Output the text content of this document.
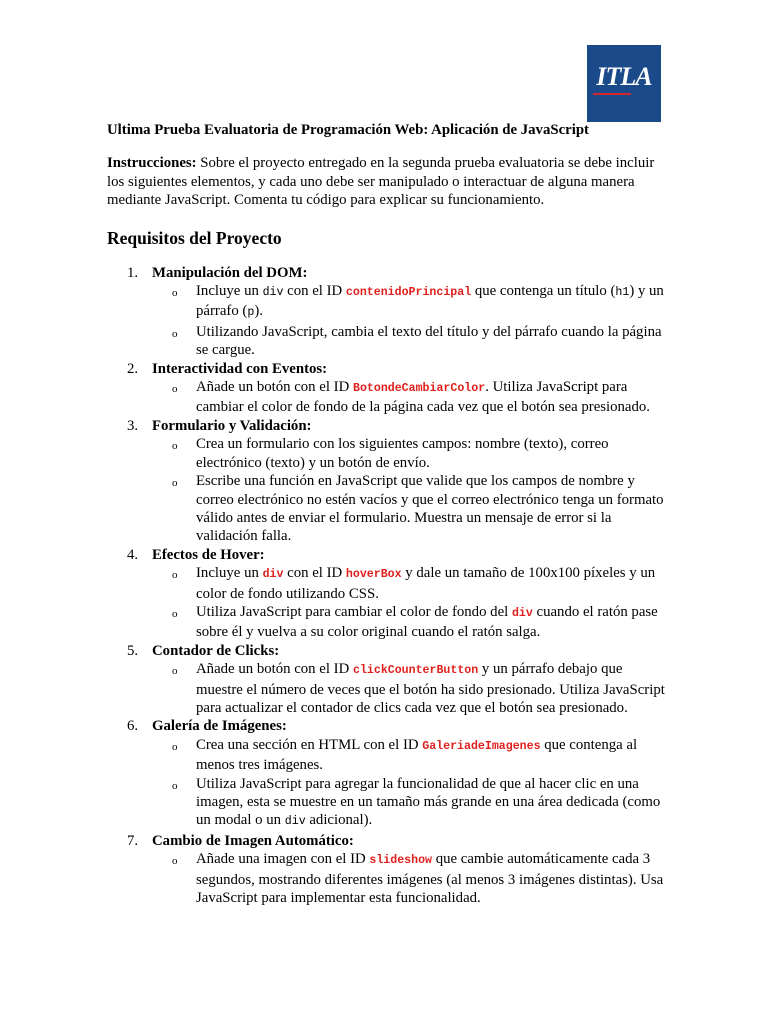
ITLA
Ultima Prueba Evaluatoria de Programación Web: Aplicación de JavaScript
Instrucciones: Sobre el proyecto entregado en la segunda prueba evaluatoria se debe incluir los siguientes elementos, y cada uno debe ser manipulado o interactuar de alguna manera mediante JavaScript. Comenta tu código para explicar su funcionamiento.
Requisitos del Proyecto
1. Manipulación del DOM:
o Incluye un div con el ID contenidoPrincipal que contenga un título (h1) y un párrafo (p).
o Utilizando JavaScript, cambia el texto del título y del párrafo cuando la página se cargue.
2. Interactividad con Eventos:
o Añade un botón con el ID BotondeCambiarColor. Utiliza JavaScript para cambiar el color de fondo de la página cada vez que el botón sea presionado.
3. Formulario y Validación:
o Crea un formulario con los siguientes campos: nombre (texto), correo electrónico (texto) y un botón de envío.
o Escribe una función en JavaScript que valide que los campos de nombre y correo electrónico no estén vacíos y que el correo electrónico tenga un formato válido antes de enviar el formulario. Muestra un mensaje de error si la validación falla.
4. Efectos de Hover:
o Incluye un div con el ID hoverBox y dale un tamaño de 100x100 píxeles y un color de fondo utilizando CSS.
o Utiliza JavaScript para cambiar el color de fondo del div cuando el ratón pase sobre él y vuelva a su color original cuando el ratón salga.
5. Contador de Clicks:
o Añade un botón con el ID clickCounterButton y un párrafo debajo que muestre el número de veces que el botón ha sido presionado. Utiliza JavaScript para actualizar el contador de clics cada vez que el botón sea presionado.
6. Galería de Imágenes:
o Crea una sección en HTML con el ID GaleriadeImagenes que contenga al menos tres imágenes.
o Utiliza JavaScript para agregar la funcionalidad de que al hacer clic en una imagen, esta se muestre en un tamaño más grande en una área dedicada (como un modal o un div adicional).
7. Cambio de Imagen Automático:
o Añade una imagen con el ID slideshow que cambie automáticamente cada 3 segundos, mostrando diferentes imágenes (al menos 3 imágenes distintas). Usa JavaScript para implementar esta funcionalidad.
